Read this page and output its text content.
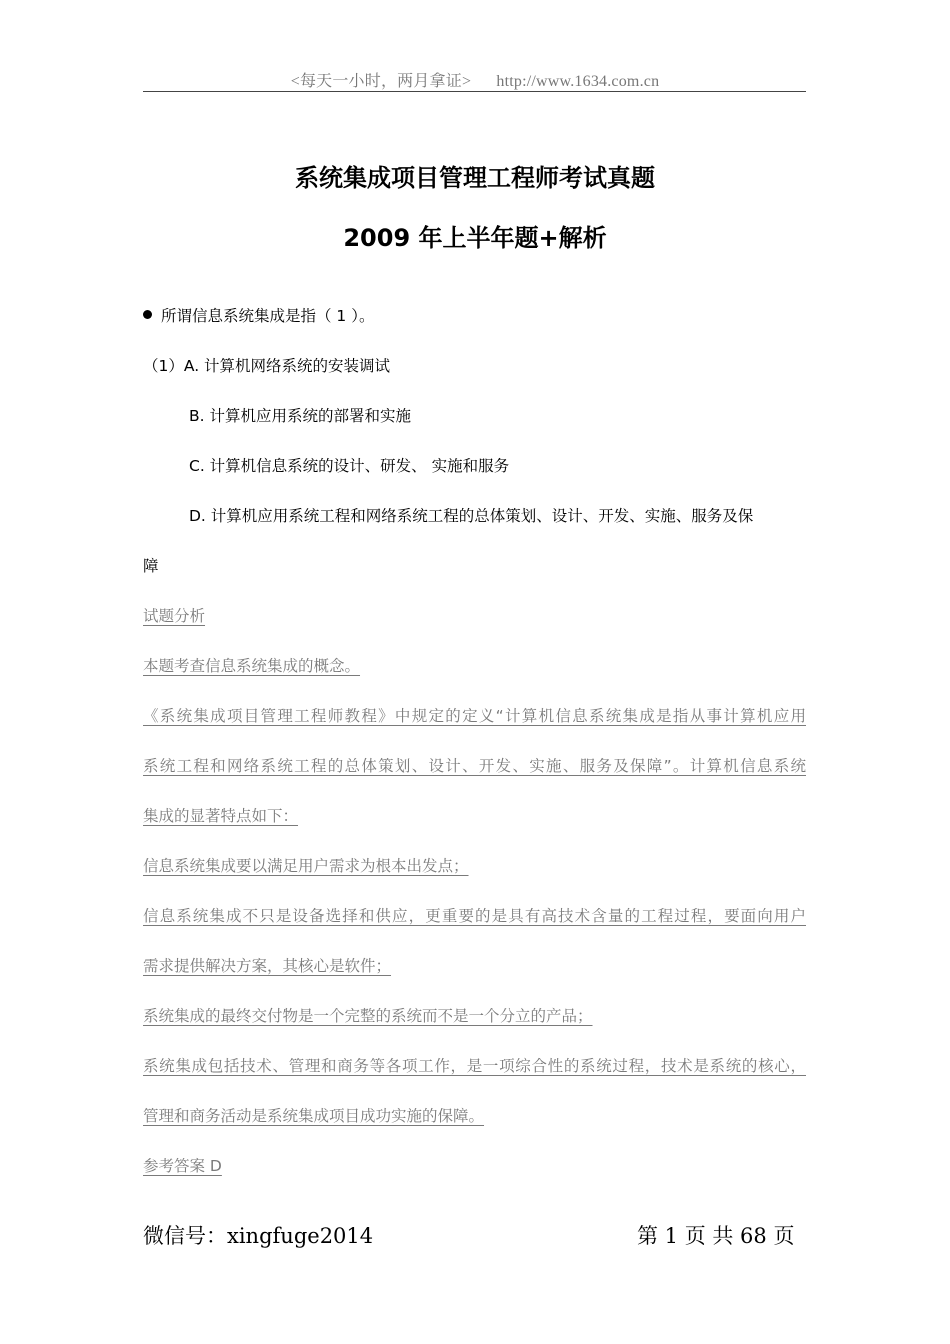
<每天一小时，两月拿证> http://www.1634.com.cn
系统集成项目管理工程师考试真题
2009 年上半年题+解析
所谓信息系统集成是指（ 1 ）。
（1）A. 计算机网络系统的安装调试
B. 计算机应用系统的部署和实施
C. 计算机信息系统的设计、研发、 实施和服务
D. 计算机应用系统工程和网络系统工程的总体策划、设计、开发、实施、服务及保
障
试题分析
本题考查信息系统集成的概念。
《系统集成项目管理工程师教程》中规定的定义“计算机信息系统集成是指从事计算机应用
系统工程和网络系统工程的总体策划、设计、开发、实施、服务及保障”。计算机信息系统
集成的显著特点如下：
信息系统集成要以满足用户需求为根本出发点；
信息系统集成不只是设备选择和供应，更重要的是具有高技术含量的工程过程，要面向用户
需求提供解决方案，其核心是软件；
系统集成的最终交付物是一个完整的系统而不是一个分立的产品；
系统集成包括技术、管理和商务等各项工作，是一项综合性的系统过程，技术是系统的核心，
管理和商务活动是系统集成项目成功实施的保障。
参考答案 D
微信号：xingfuge2014	第 1 页 共 68 页
